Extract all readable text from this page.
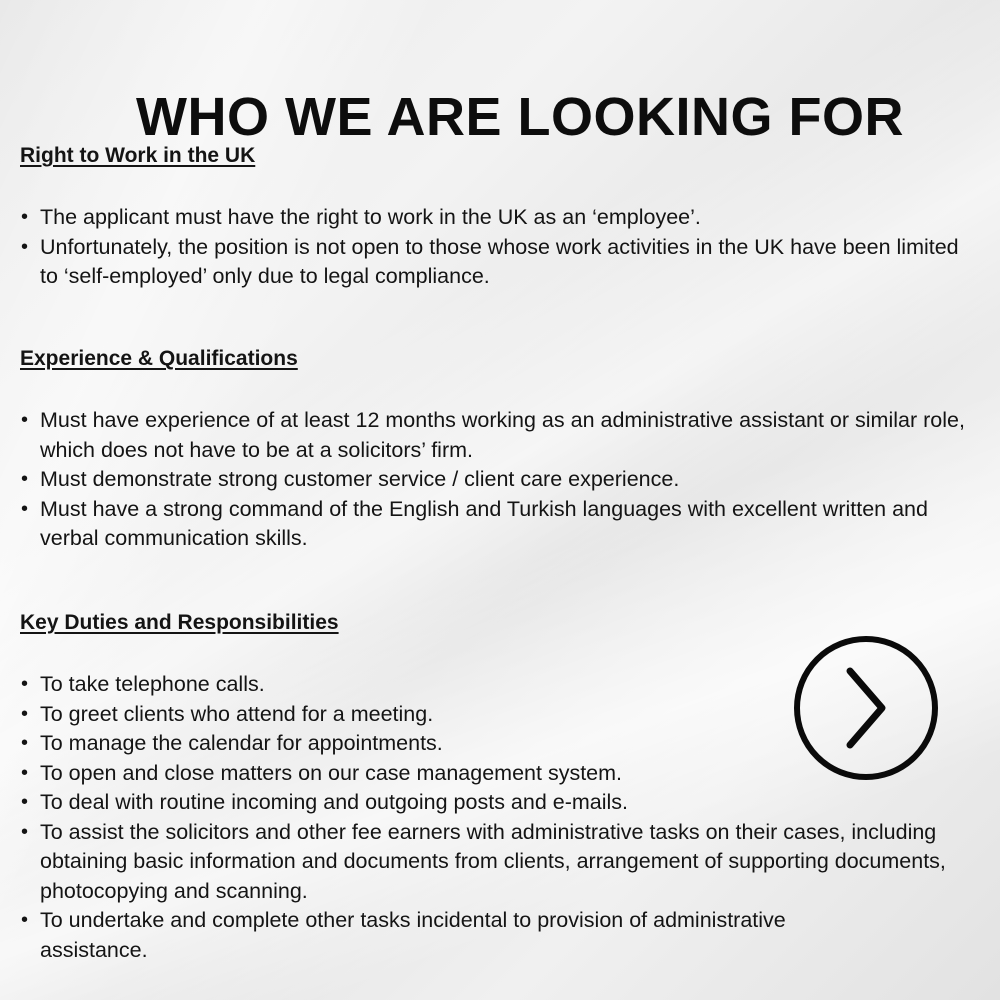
WHO WE ARE LOOKING FOR
Right to Work in the UK
• The applicant must have the right to work in the UK as an ‘employee’.
• Unfortunately, the position is not open to those whose work activities in the UK have been limited to ‘self-employed’ only due to legal compliance.
Experience & Qualifications
• Must have experience of at least 12 months working as an administrative assistant or similar role, which does not have to be at a solicitors’ firm.
• Must demonstrate strong customer service / client care experience.
• Must have a strong command of the English and Turkish languages with excellent written and verbal communication skills.
Key Duties and Responsibilities
• To take telephone calls.
• To greet clients who attend for a meeting.
• To manage the calendar for appointments.
• To open and close matters on our case management system.
• To deal with routine incoming and outgoing posts and e-mails.
• To assist the solicitors and other fee earners with administrative tasks on their cases, including obtaining basic information and documents from clients, arrangement of supporting documents, photocopying and scanning.
• To undertake and complete other tasks incidental to provision of administrative assistance.
